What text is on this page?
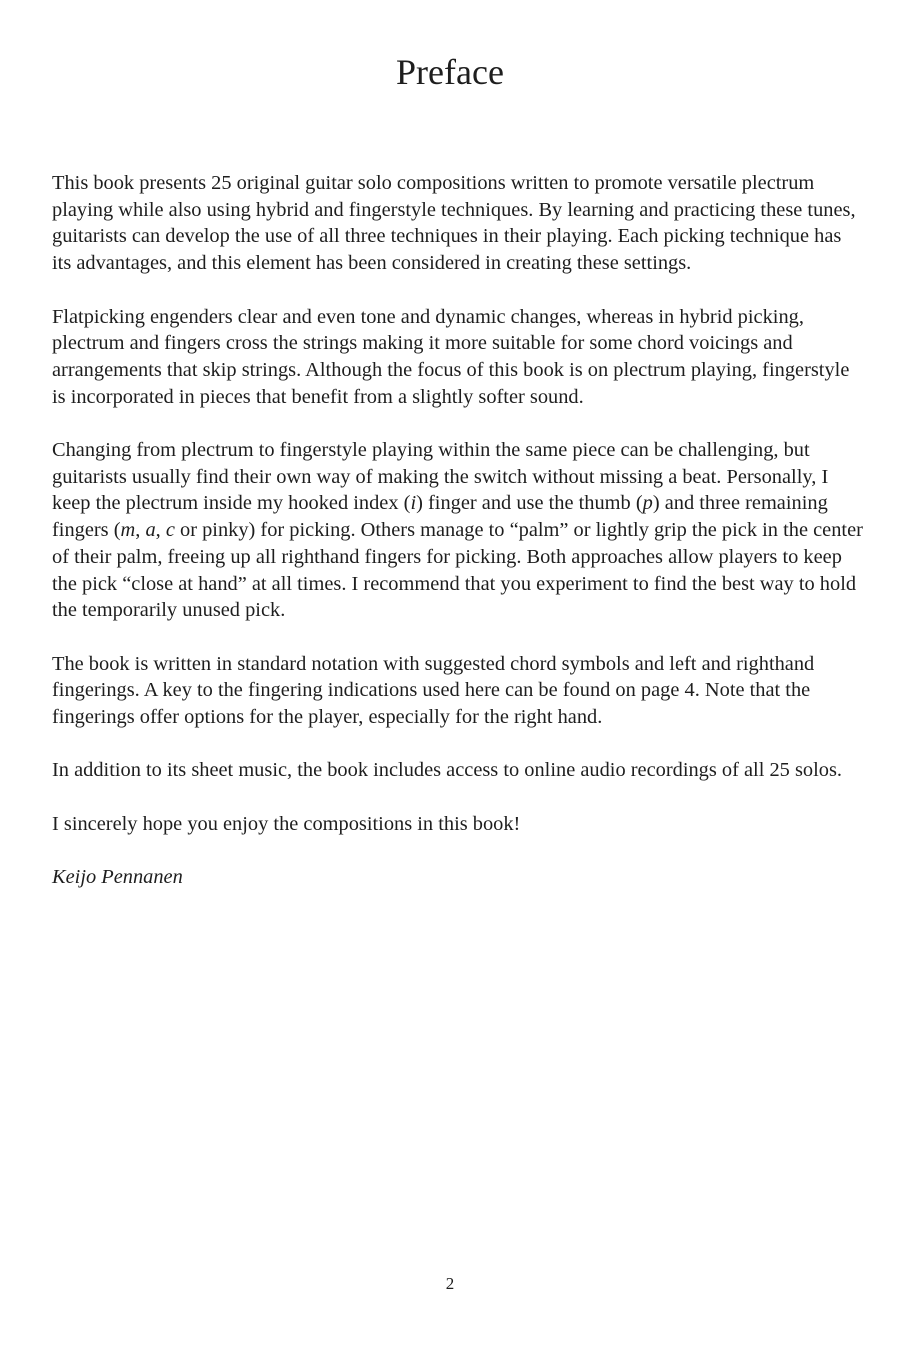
Preface

This book presents 25 original guitar solo compositions written to promote versatile plectrum
playing while also using hybrid and fingerstyle techniques. By learning and practicing these tunes,
guitarists can develop the use of all three techniques in their playing. Each picking technique has
its advantages, and this element has been considered in creating these settings.

Flatpicking engenders clear and even tone and dynamic changes, whereas in hybrid picking,
plectrum and fingers cross the strings making it more suitable for some chord voicings and
arrangements that skip strings. Although the focus of this book is on plectrum playing, fingerstyle
is incorporated in pieces that benefit from a slightly softer sound.

Changing from plectrum to fingerstyle playing within the same piece can be challenging, but
guitarists usually find their own way of making the switch without missing a beat. Personally, I
keep the plectrum inside my hooked index (i) finger and use the thumb (p) and three remaining
fingers (m, a, c or pinky) for picking. Others manage to “palm” or lightly grip the pick in the center
of their palm, freeing up all righthand fingers for picking. Both approaches allow players to keep
the pick “close at hand” at all times. I recommend that you experiment to find the best way to hold
the temporarily unused pick.

The book is written in standard notation with suggested chord symbols and left and righthand
fingerings. A key to the fingering indications used here can be found on page 4. Note that the
fingerings offer options for the player, especially for the right hand.

In addition to its sheet music, the book includes access to online audio recordings of all 25 solos.

I sincerely hope you enjoy the compositions in this book!

Keijo Pennanen

2
